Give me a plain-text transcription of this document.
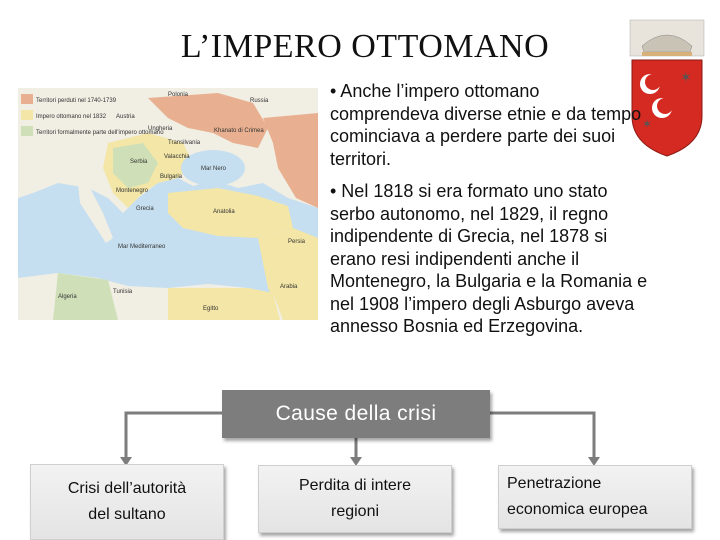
L’IMPERO OTTOMANO
Territori perduti nel 1740-1739
Impero ottomano nel 1832
Territori formalmente parte dell'impero ottomano
Polonia
Russia
Austria
Ungheria	Khanato di Crimea
Transilvania
Valacchia
Serbia
Montenegro
Bulgaria
Mar Nero
Grecia	Anatolia
Mar Mediterraneo
Algeria
Tunisia
Egitto
Arabia
Persia
✶
✶

• Anche l’impero ottomano comprendeva diverse etnie e da tempo cominciava a perdere parte dei suoi territori.

• Nel 1818 si era formato uno stato serbo autonomo, nel 1829, il regno indipendente di Grecia, nel 1878 si erano resi indipendenti anche il Montenegro, la Bulgaria e la Romania e nel 1908 l’impero degli Asburgo aveva annesso Bosnia ed Erzegovina.

Cause della crisi
Crisi dell’autorità
del sultano
Perdita di intere
regioni
Penetrazione
economica europea
